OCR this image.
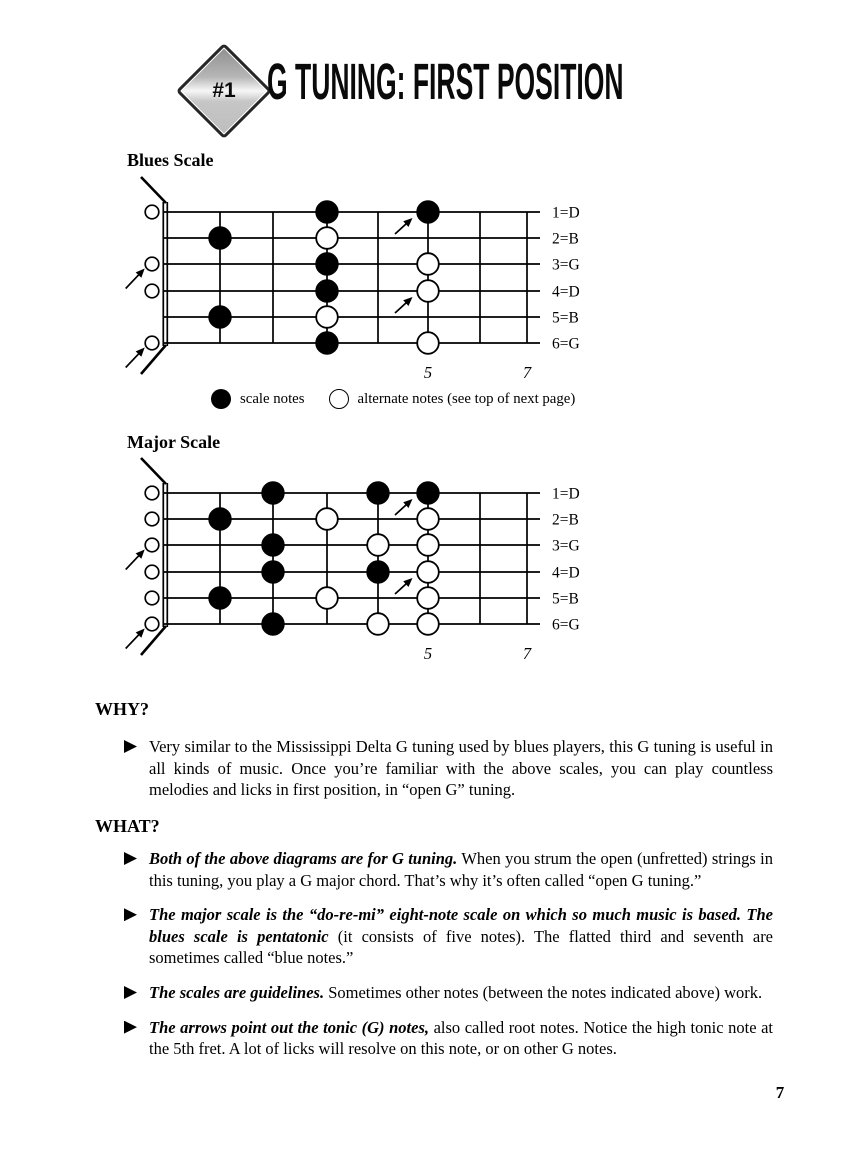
#1 G TUNING: FIRST POSITION
Blues Scale
5	7
1=D
2=B
3=G
4=D
5=B
6=G
scale notes	alternate notes (see top of next page)
Major Scale
5	7
1=D
2=B
3=G
4=D
5=B
6=G
WHY?

Very similar to the Mississippi Delta G tuning used by blues players, this G tuning is useful in all kinds of music. Once you’re familiar with the above scales, you can play countless melodies and licks in first position, in “open G” tuning.

WHAT?

Both of the above diagrams are for G tuning. When you strum the open (unfretted) strings in this tuning, you play a G major chord. That’s why it’s often called “open G tuning.”

The major scale is the “do-re-mi” eight-note scale on which so much music is based. The blues scale is pentatonic (it consists of five notes). The flatted third and seventh are sometimes called “blue notes.”

The scales are guidelines. Sometimes other notes (between the notes indicated above) work.

The arrows point out the tonic (G) notes, also called root notes. Notice the high tonic note at the 5th fret. A lot of licks will resolve on this note, or on other G notes.

7
